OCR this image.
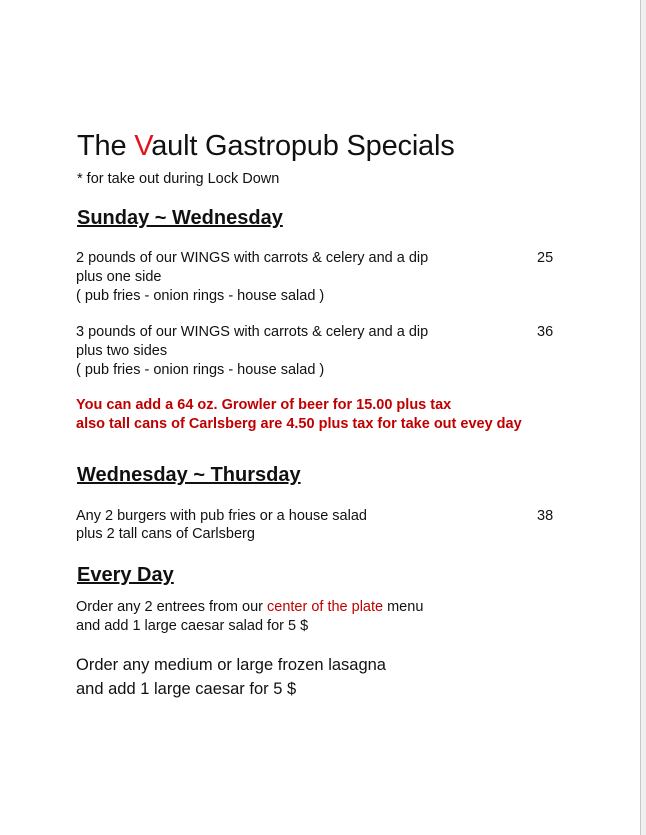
The Vault Gastropub Specials
* for take out during Lock Down
Sunday ~ Wednesday
2 pounds of our WINGS with carrots & celery and a dip
plus one side
( pub fries - onion rings - house salad )
25
3 pounds of our WINGS with carrots & celery and a dip
plus two sides
( pub fries - onion rings - house salad )
36
You can add a 64 oz. Growler of beer for 15.00 plus tax
also tall cans of Carlsberg are 4.50 plus tax for take out evey day
Wednesday ~ Thursday
Any 2 burgers with pub fries or a house salad
plus 2 tall cans of Carlsberg
38
Every Day
Order any 2 entrees from our center of the plate menu
and add 1 large caesar salad for 5 $
Order any medium or large frozen lasagna
and add 1 large caesar for 5 $
